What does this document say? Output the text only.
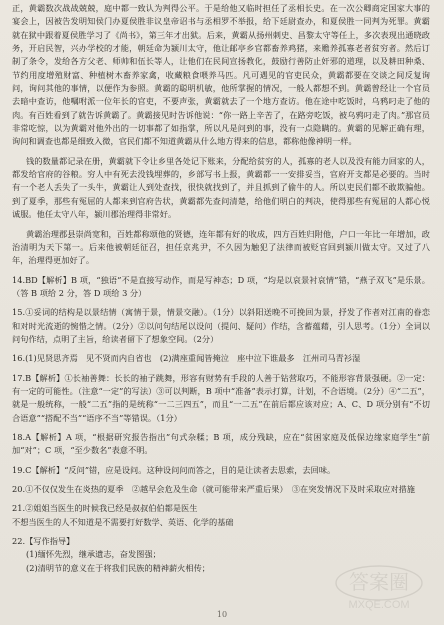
正，黄霸数次战战兢兢，庭中都一致认为判得公平。于是给他又临时担任了丞相长史。在一次公卿商定国家大事的宴会上，因被告发明知侯门办夏侯胜非议皇帝诏书与丞相罗不举报，给下廷尉查办，和夏侯胜一同判为死罪。黄霸就在狱中跟着夏侯胜学习了《尚书》，第三年才出狱。后来，黄霸从扬州刺史、昌黎太守等任上，多次表现出通晓政务，开启民智，兴办学校的才能，朝廷命为颍川太守，他让邮亭乡官都畜养鸡猪，来赡养孤寡老者贫穷者。然后订制了条令，发给各方父老、师帅和伍长等人，让他们在民间宣扬教化，鼓励行善防止奸邪的道理，以及耕田种桑、节约用度增殖财富、种植树木畜养家禽，收藏粮食喂养马匹。凡可遇见的官吏民众，黄霸都要在交谈之间反复询问，询问其他的事情，以便作为参照。黄霸的聪明机敏，他所掌握的情况，一般人都想不到。黄霸曾经让一个官员去暗中查访，他嘱咐派一位年长的官吏，不要声张，黄霸就去了一个地方查访。他在途中吃饭时，乌鸦叼走了他的肉。有百姓看到了就告诉黄霸了。黄霸接见时告诉他说：“你一路上辛苦了，在路旁吃饭，被乌鸦叼走了肉。”那官员非常吃惊，以为黄霸对他外出的一切事都了如指掌，所以凡是问到的事，没有一点隐瞒的。黄霸的见解正确有理，询问和调查也都是细致入微，官民们都不知道黄霸从什么地方得来的信息，都称他像神明一样。

钱的数量都记录在册，黄霸就下令让乡里各处记下账来，分配给贫穷的人，孤寡的老人以及没有能力回家的人，都发给官府的谷粮。穷人中有死去没钱埋葬的，乡部写书上报，黄霸都一一安排妥当，官府开支都是必要的。当时有一个老人丢失了一头牛，黄霸让人到处查找，很快就找到了，并且抓到了偷牛的人。所以吏民们都不敢欺骗他。到了夏季，那些有冤屈的人都来到官府告状，黄霸都先查问清楚，给他们明白的判决，使得那些有冤屈的人都心悦诚服。他任太守八年，颍川郡治理得非常好。

黄霸治理郡县崇尚宽和，百姓都称颂他的贤德，连年都有好的收成，四方百姓归附他，户口一年比一年增加，政治清明为天下第一。后来他被朝廷征召，担任京兆尹，不久因为触犯了法律而被贬官回到颍川做太守。又过了八年，治理得更加好了。

14.BD【解析】B 项，“独语”不是直接写动作，而是写神态；D 项，“均是以哀景衬哀情”错，“燕子双飞”是乐景。（答 B 项给 2 分，答 D 项给 3 分）

15.①妥词的结构是以景结情（寓情于景，情景交融）。（1分）以斜阳送晚不可挽回为景，抒发了作者对江南的眷恋和对时光流逝的惋惜之情。（2分）②以问句结尾以设问（提问、疑问）作结，含蓄蕴藉，引人思考。（1分）全词以问句作结，点明了主旨，给读者留下了想象空间。（2分）

16.(1)见贤思齐焉　见不贤而内自省也　(2)满座重闻皆掩泣　座中泣下谁最多　江州司马青衫湿

17.B【解析】①长袖善舞：长长的袖子跳舞，形容有财势有手段的人善于钻营取巧，不能形容背景强硬。②一定：有一定的可能性。（注意“一定”的写法）③可以判断，B 项中“准备”表示打算，计划，不合语境。（2分）④“二五”，就是一般统称，一般“二五”指的是统称“一二三四五”，而且“一二五”在前后都应该对应；A、C、D 项分别有“不切合语意”“搭配不当”“语序不当”等错误。（1分）

18.A【解析】A 项，“根据研究报告指出”句式杂糅；B 项，成分残缺，应在“贫困家庭及低保边缘家庭学生”前加“对”；C 项，“至少数名”表意不明。

19.C【解析】“反问”错，应是设问。这种设问问而答之，目的是让读者去思索，去回味。

20.①不仅仅发生在炎热的夏季　②越早会危及生命（就可能带来严重后果）　③在突发情况下及时采取应对措施

21.②姐姐当医生的时候我已经是叔叔伯伯都是医生

不想当医生的人不知道是不需要打好数学、英语、化学的基础

22.【写作指导】

(1)缅怀先烈，继承遗志，奋发图强；

(2)清明节的意义在于将我们民族的精神薪火相传；

10
答案圈
MXQE.COM
